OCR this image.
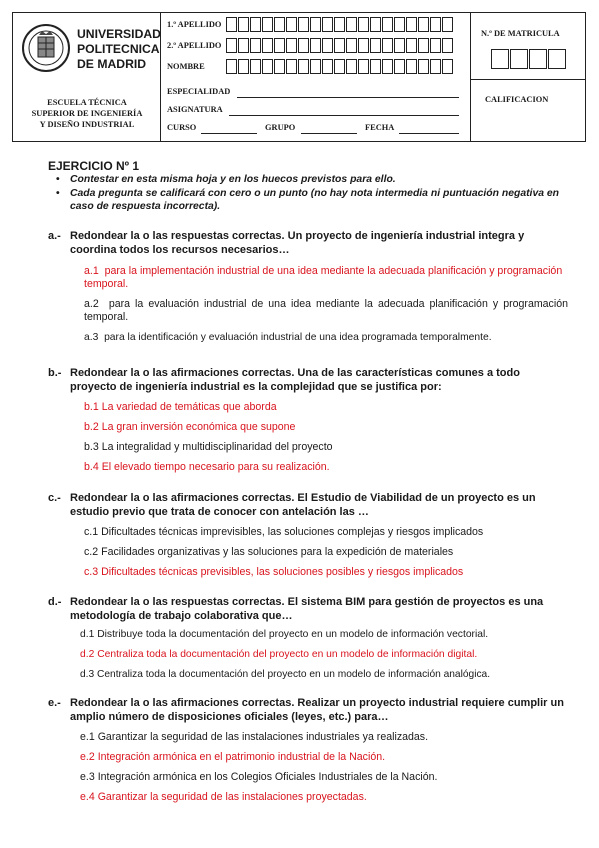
UNIVERSIDAD
POLITECNICA
DE MADRID
ESCUELA TÉCNICA
SUPERIOR DE INGENIERÍA
Y DISEÑO INDUSTRIAL
1.º APELLIDO
2.º APELLIDO
NOMBRE
ESPECIALIDAD
ASIGNATURA
CURSO	GRUPO	FECHA
N.º DE MATRICULA
CALIFICACION
EJERCICIO Nº 1
• Contestar en esta misma hoja y en los huecos previstos para ello.
• Cada pregunta se calificará con cero o un punto (no hay nota intermedia ni puntuación negativa en caso de respuesta incorrecta).
a.- Redondear la o las respuestas correctas. Un proyecto de ingeniería industrial integra y coordina todos los recursos necesarios…
a.1 para la implementación industrial de una idea mediante la adecuada planificación y programación temporal.
a.2 para la evaluación industrial de una idea mediante la adecuada planificación y programación temporal.
a.3 para la identificación y evaluación industrial de una idea programada temporalmente.
b.- Redondear la o las afirmaciones correctas. Una de las características comunes a todo proyecto de ingeniería industrial es la complejidad que se justifica por:
b.1 La variedad de temáticas que aborda
b.2 La gran inversión económica que supone
b.3 La integralidad y multidisciplinaridad del proyecto
b.4 El elevado tiempo necesario para su realización.
c.- Redondear la o las afirmaciones correctas. El Estudio de Viabilidad de un proyecto es un estudio previo que trata de conocer con antelación las …
c.1 Dificultades técnicas imprevisibles, las soluciones complejas y riesgos implicados
c.2 Facilidades organizativas y las soluciones para la expedición de materiales
c.3 Dificultades técnicas previsibles, las soluciones posibles y riesgos implicados
d.- Redondear la o las respuestas correctas. El sistema BIM para gestión de proyectos es una metodología de trabajo colaborativa que…
d.1 Distribuye toda la documentación del proyecto en un modelo de información vectorial.
d.2 Centraliza toda la documentación del proyecto en un modelo de información digital.
d.3 Centraliza toda la documentación del proyecto en un modelo de información analógica.
e.- Redondear la o las afirmaciones correctas. Realizar un proyecto industrial requiere cumplir un amplio número de disposiciones oficiales (leyes, etc.) para…
e.1 Garantizar la seguridad de las instalaciones industriales ya realizadas.
e.2 Integración armónica en el patrimonio industrial de la Nación.
e.3 Integración armónica en los Colegios Oficiales Industriales de la Nación.
e.4 Garantizar la seguridad de las instalaciones proyectadas.
